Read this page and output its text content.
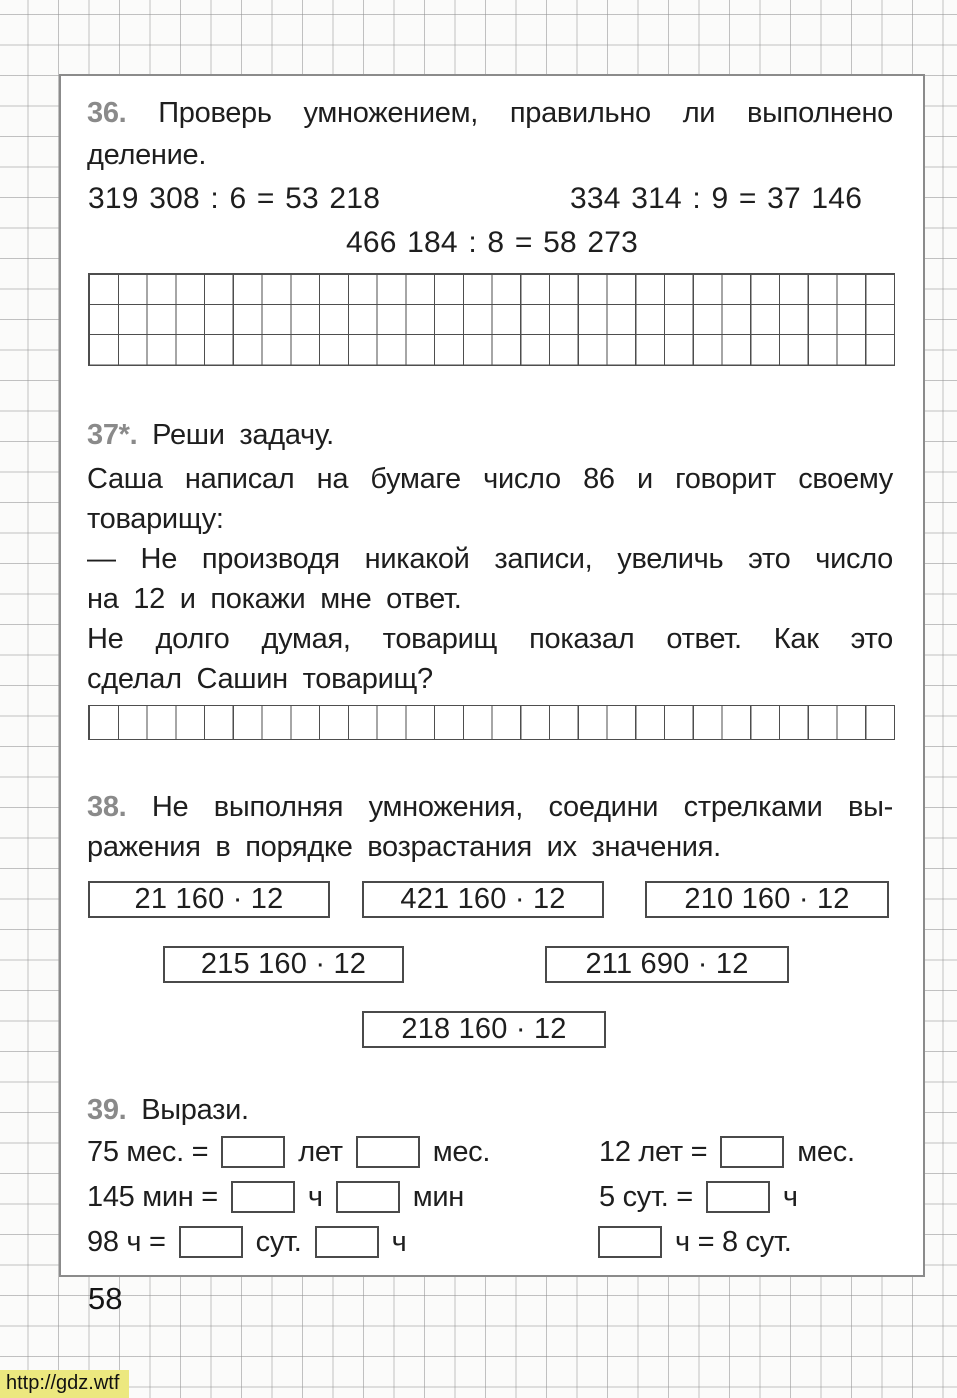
36. Проверь умножением, правильно ли выполнено
деление.
319 308 : 6 = 53 218	334 314 : 9 = 37 146
466 184 : 8 = 58 273
37*. Реши задачу.
Саша написал на бумаге число 86 и говорит своему
товарищу:
— Не производя никакой записи, увеличь это число
на 12 и покажи мне ответ.
Не долго думая, товарищ показал ответ. Как это
сделал Сашин товарищ?
38. Не выполняя умножения, соедини стрелками вы-
ражения в порядке возрастания их значения.
21 160 · 12	421 160 · 12	210 160 · 12
215 160 · 12	211 690 · 12
218 160 · 12
39. Вырази.
75 мес. =	лет	мес.	12 лет =	мес.
145 мин =	ч	мин	5 сут. =	ч
98 ч =	сут.	ч	ч = 8 сут.
58
http://gdz.wtf
